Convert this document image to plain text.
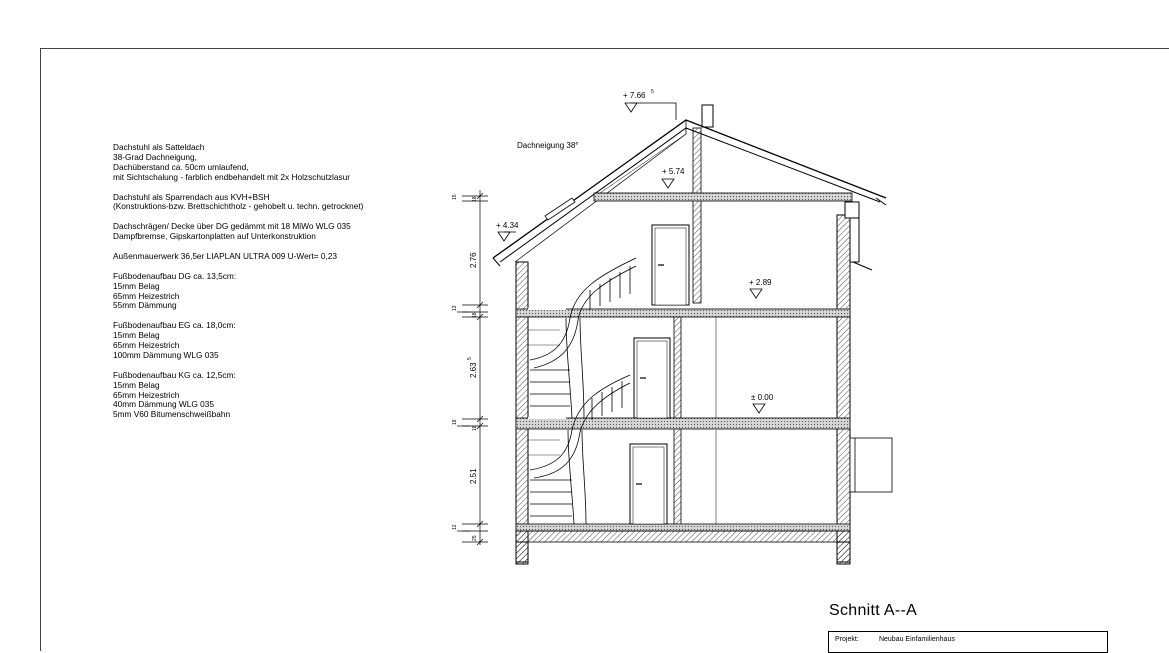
Dachstuhl als Satteldach
38-Grad Dachneigung,
Dachüberstand ca. 50cm umlaufend,
mit Sichtschalung - farblich endbehandelt mit 2x Holzschutzlasur
Dachstuhl als Sparrendach aus KVH+BSH
(Konstruktions-bzw. Brettschichtholz - gehobelt u. techn. getrocknet)
Dachschrägen/ Decke über DG gedämmt mit 18 MiWo WLG 035
Dampfbremse, Gipskartonplatten auf Unterkonstruktion
Außenmauerwerk 36,5er LIAPLAN ULTRA 009 U-Wert= 0,23
Fußbodenaufbau DG ca. 13,5cm:
15mm Belag
65mm Heizestrich
55mm Dämmung
Fußbodenaufbau EG ca. 18,0cm:
15mm Belag
65mm Heizestrich
100mm Dämmung WLG 035
Fußbodenaufbau KG ca. 12,5cm:
15mm Belag
65mm Heizestrich
40mm Dämmung WLG 035
5mm V60 Bitumenschweißbahn
+ 7.66 5
+ 5.74
+ 4.34
+ 2.89
± 0.00
Dachneigung 38°
2.76
2.63
5
2.51
15	18
13
18
18
18
12
25
Schnitt A--A
Projekt:	Neubau Einfamilienhaus
